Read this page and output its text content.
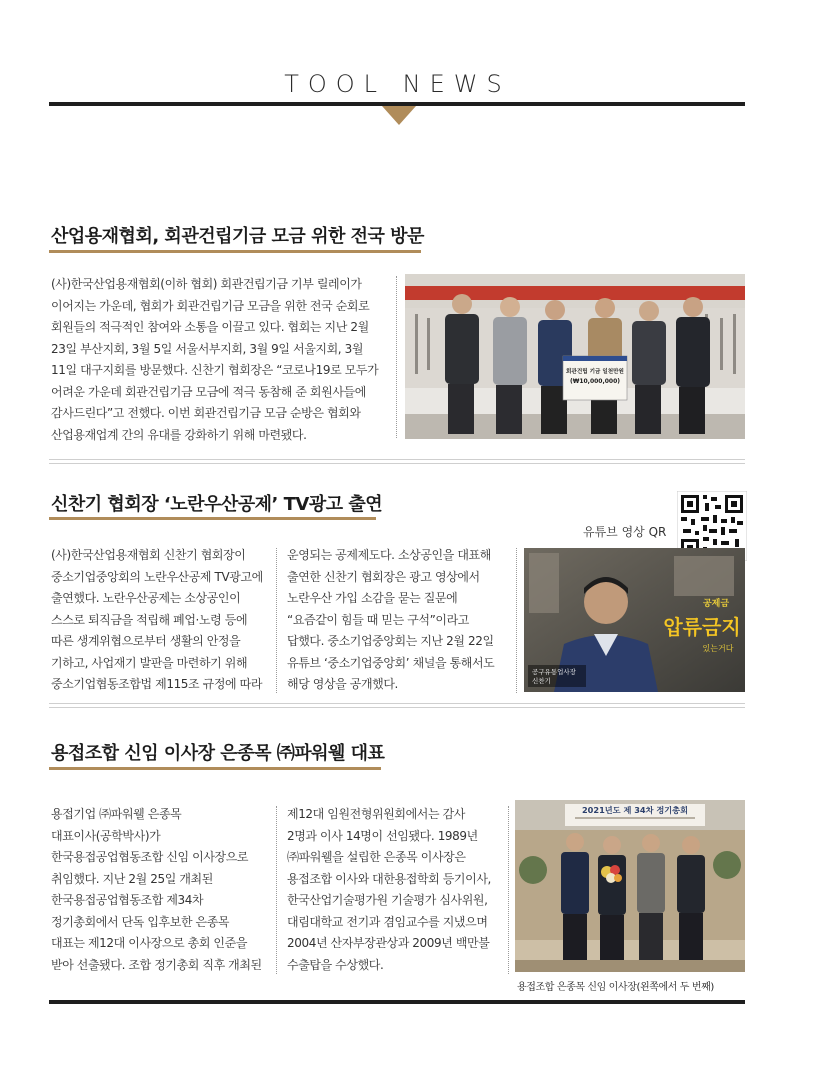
TOOL NEWS
산업용재협회, 회관건립기금 모금 위한 전국 방문
(사)한국산업용재협회(이하 협회) 회관건립기금 기부 릴레이가
이어지는 가운데, 협회가 회관건립기금 모금을 위한 전국 순회로
회원들의 적극적인 참여와 소통을 이끌고 있다. 협회는 지난 2월
23일 부산지회, 3월 5일 서울서부지회, 3월 9일 서울지회, 3월
11일 대구지회를 방문했다. 신찬기 협회장은 “코로나19로 모두가
어려운 가운데 회관건립기금 모금에 적극 동참해 준 회원사들에
감사드린다”고 전했다. 이번 회관건립기금 모금 순방은 협회와
산업용재업계 간의 유대를 강화하기 위해 마련됐다.
회관건립 기금 일천만원
(₩10,000,000)
신찬기 협회장 ‘노란우산공제’ TV광고 출연
유튜브 영상 QR
(사)한국산업용재협회 신찬기 협회장이
중소기업중앙회의 노란우산공제 TV광고에
출연했다. 노란우산공제는 소상공인이
스스로 퇴직금을 적립해 폐업·노령 등에
따른 생계위협으로부터 생활의 안정을
기하고, 사업재기 발판을 마련하기 위해
중소기업협동조합법 제115조 규정에 따라
운영되는 공제제도다. 소상공인을 대표해
출연한 신찬기 협회장은 광고 영상에서
노란우산 가입 소감을 묻는 질문에
“요즘같이 힘들 때 믿는 구석”이라고
답했다. 중소기업중앙회는 지난 2월 22일
유튜브 ‘중소기업중앙회’ 채널을 통해서도
해당 영상을 공개했다.
공제금
압류금지
있는거다
공구유통업사장
신찬기
용접조합 신임 이사장 은종목 ㈜파워웰 대표
용접기업 ㈜파워웰 은종목
대표이사(공학박사)가
한국용접공업협동조합 신임 이사장으로
취임했다. 지난 2월 25일 개최된
한국용접공업협동조합 제34차
정기총회에서 단독 입후보한 은종목
대표는 제12대 이사장으로 총회 인준을
받아 선출됐다. 조합 정기총회 직후 개최된
제12대 임원전형위원회에서는 감사
2명과 이사 14명이 선임됐다. 1989년
㈜파워웰을 설립한 은종목 이사장은
용접조합 이사와 대한용접학회 등기이사,
한국산업기술평가원 기술평가 심사위원,
대림대학교 전기과 겸임교수를 지냈으며
2004년 산자부장관상과 2009년 백만불
수출탑을 수상했다.
2021년도 제 34차 정기총회
용접조합 은종목 신임 이사장(왼쪽에서 두 번째)
